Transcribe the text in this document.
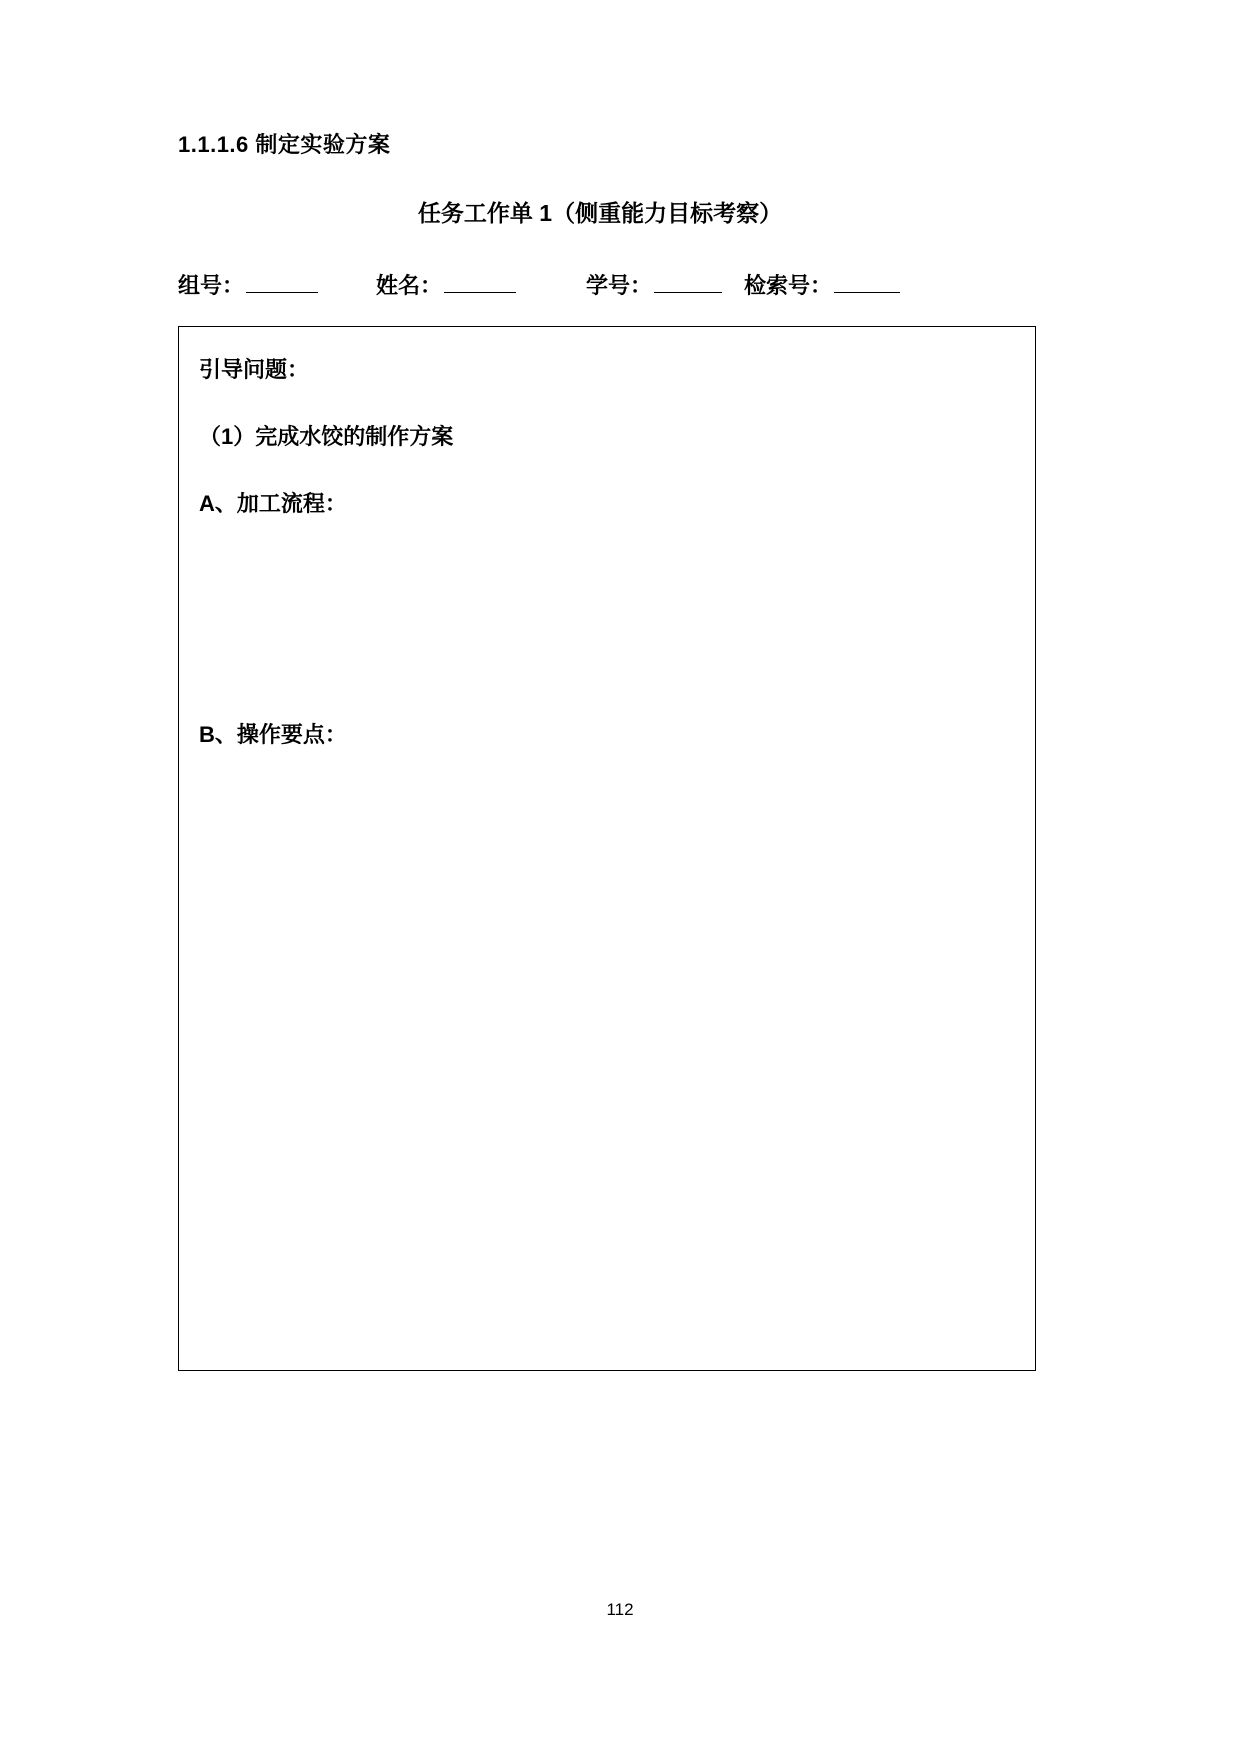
1.1.1.6 制定实验方案
任务工作单 1（侧重能力目标考察）
组号：	姓名：	学号：	检索号：
引导问题：
（1）完成水饺的制作方案
A、加工流程：
B、操作要点：
112
